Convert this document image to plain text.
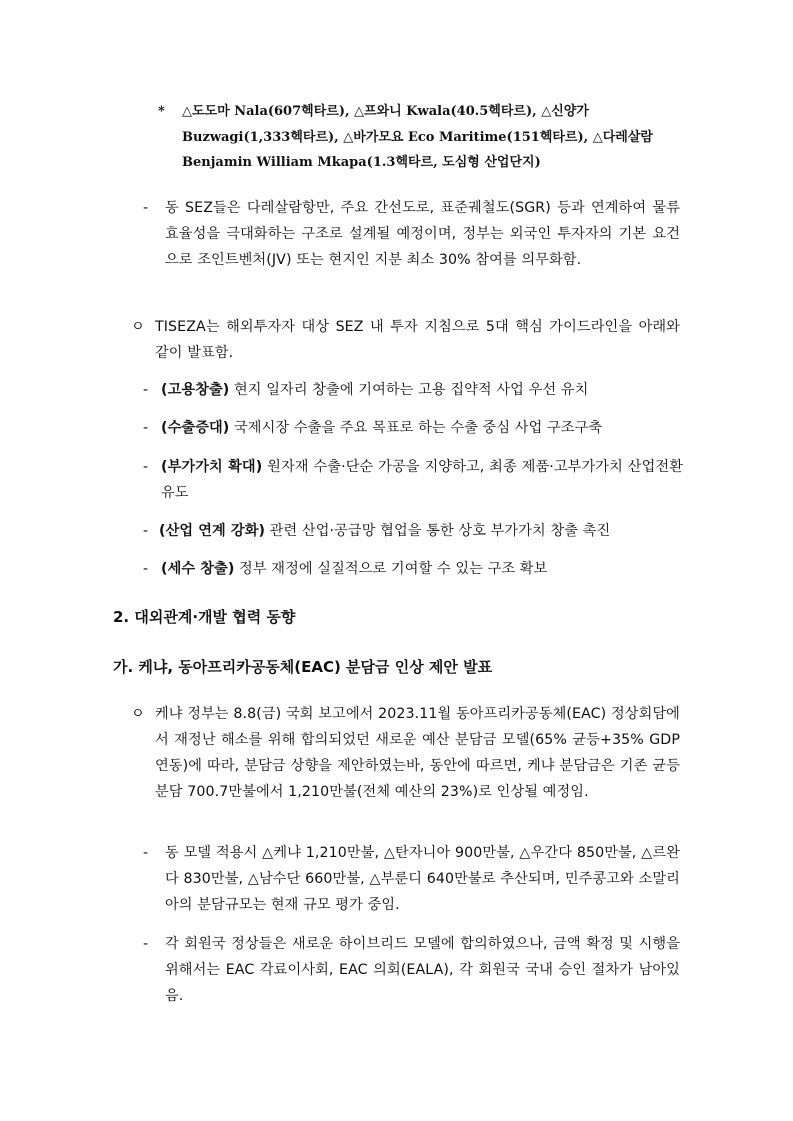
* △도도마 Nala(607헥타르), △프와니 Kwala(40.5헥타르), △신양가 Buzwagi(1,333헥타르), △바가모요 Eco Maritime(151헥타르), △다레살람 Benjamin William Mkapa(1.3헥타르, 도심형 산업단지)

- 동 SEZ들은 다레살람항만, 주요 간선도로, 표준궤철도(SGR) 등과 연계하여 물류 효율성을 극대화하는 구조로 설계될 예정이며, 정부는 외국인 투자자의 기본 요건으로 조인트벤처(JV) 또는 현지인 지분 최소 30% 참여를 의무화함.

ㅇ TISEZA는 해외투자자 대상 SEZ 내 투자 지침으로 5대 핵심 가이드라인을 아래와 같이 발표함.

- (고용창출) 현지 일자리 창출에 기여하는 고용 집약적 사업 우선 유치

- (수출증대) 국제시장 수출을 주요 목표로 하는 수출 중심 사업 구조구축

- (부가가치 확대) 원자재 수출·단순 가공을 지양하고, 최종 제품·고부가가치 산업전환 유도

- (산업 연계 강화) 관련 산업·공급망 협업을 통한 상호 부가가치 창출 촉진

- (세수 창출) 정부 재정에 실질적으로 기여할 수 있는 구조 확보

2. 대외관계·개발 협력 동향
가. 케냐, 동아프리카공동체(EAC) 분담금 인상 제안 발표
ㅇ 케냐 정부는 8.8(금) 국회 보고에서 2023.11월 동아프리카공동체(EAC) 정상회담에서 재정난 해소를 위해 합의되었던 새로운 예산 분담금 모델(65% 균등+35% GDP 연동)에 따라, 분담금 상향을 제안하였는바, 동안에 따르면, 케냐 분담금은 기존 균등분담 700.7만불에서 1,210만불(전체 예산의 23%)로 인상될 예정임.

- 동 모델 적용시 △케냐 1,210만불, △탄자니아 900만불, △우간다 850만불, △르완다 830만불, △남수단 660만불, △부룬디 640만불로 추산되며, 민주콩고와 소말리아의 분담규모는 현재 규모 평가 중임.

- 각 회원국 정상들은 새로운 하이브리드 모델에 합의하였으나, 금액 확정 및 시행을 위해서는 EAC 각료이사회, EAC 의회(EALA), 각 회원국 국내 승인 절차가 남아있음.
